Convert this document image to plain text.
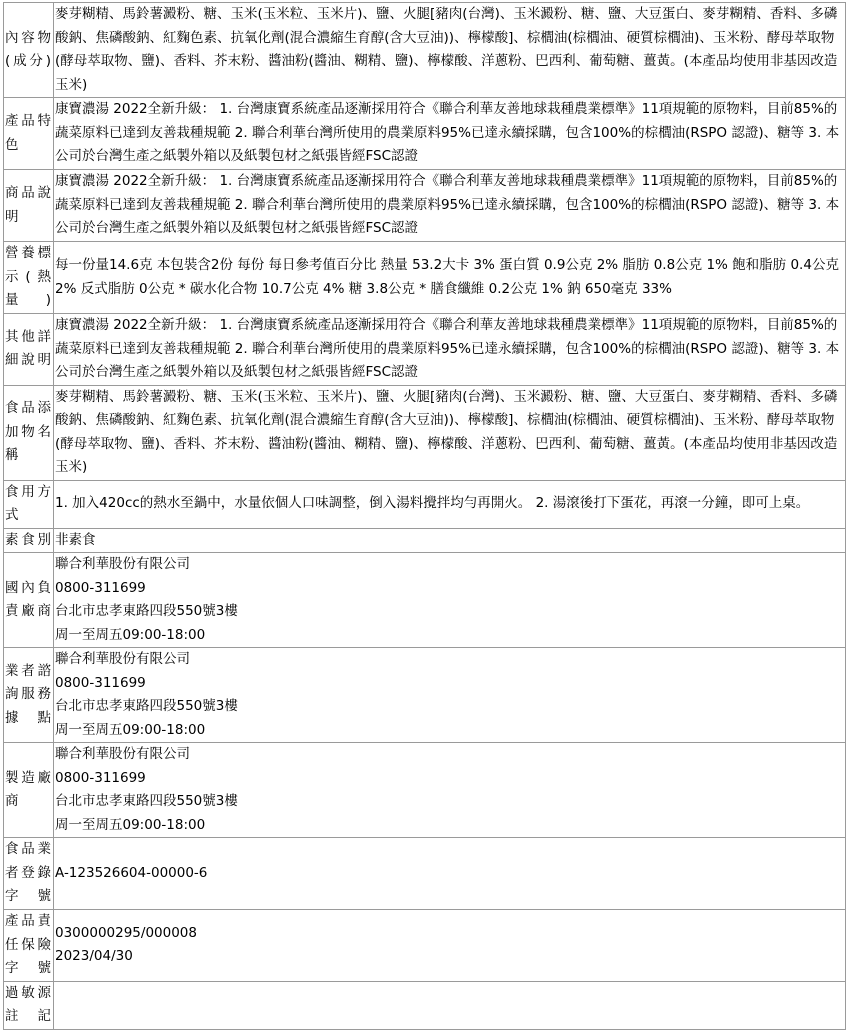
內容物(成分)	麥芽糊精、馬鈴薯澱粉、糖、玉米(玉米粒、玉米片)、鹽、火腿[豬肉(台灣)、玉米澱粉、糖、鹽、大豆蛋白、麥芽糊精、香料、多磷酸鈉、焦磷酸鈉、紅麴色素、抗氧化劑(混合濃縮生育醇(含大豆油))、檸檬酸]、棕櫚油(棕櫚油、硬質棕櫚油)、玉米粉、酵母萃取物(酵母萃取物、鹽)、香料、芥末粉、醬油粉(醬油、糊精、鹽)、檸檬酸、洋蔥粉、巴西利、葡萄糖、薑黃。(本產品均使用非基因改造玉米)
產品特色	康寶濃湯 2022全新升級： 1. 台灣康寶系統產品逐漸採用符合《聯合利華友善地球栽種農業標準》11項規範的原物料，目前85%的蔬菜原料已達到友善栽種規範 2. 聯合利華台灣所使用的農業原料95%已達永續採購，包含100%的棕櫚油(RSPO 認證)、糖等 3. 本公司於台灣生產之紙製外箱以及紙製包材之紙張皆經FSC認證
商品說明	康寶濃湯 2022全新升級： 1. 台灣康寶系統產品逐漸採用符合《聯合利華友善地球栽種農業標準》11項規範的原物料，目前85%的蔬菜原料已達到友善栽種規範 2. 聯合利華台灣所使用的農業原料95%已達永續採購，包含100%的棕櫚油(RSPO 認證)、糖等 3. 本公司於台灣生產之紙製外箱以及紙製包材之紙張皆經FSC認證
營養標示(熱量)	每一份量14.6克 本包裝含2份 每份 每日參考值百分比 熱量 53.2大卡 3% 蛋白質 0.9公克 2% 脂肪 0.8公克 1% 飽和脂肪 0.4公克 2% 反式脂肪 0公克 * 碳水化合物 10.7公克 4% 糖 3.8公克 * 膳食纖維 0.2公克 1% 鈉 650毫克 33%
其他詳細說明	康寶濃湯 2022全新升級： 1. 台灣康寶系統產品逐漸採用符合《聯合利華友善地球栽種農業標準》11項規範的原物料，目前85%的蔬菜原料已達到友善栽種規範 2. 聯合利華台灣所使用的農業原料95%已達永續採購，包含100%的棕櫚油(RSPO 認證)、糖等 3. 本公司於台灣生產之紙製外箱以及紙製包材之紙張皆經FSC認證
食品添加物名稱	麥芽糊精、馬鈴薯澱粉、糖、玉米(玉米粒、玉米片)、鹽、火腿[豬肉(台灣)、玉米澱粉、糖、鹽、大豆蛋白、麥芽糊精、香料、多磷酸鈉、焦磷酸鈉、紅麴色素、抗氧化劑(混合濃縮生育醇(含大豆油))、檸檬酸]、棕櫚油(棕櫚油、硬質棕櫚油)、玉米粉、酵母萃取物(酵母萃取物、鹽)、香料、芥末粉、醬油粉(醬油、糊精、鹽)、檸檬酸、洋蔥粉、巴西利、葡萄糖、薑黃。(本產品均使用非基因改造玉米)
食用方式	1. 加入420cc的熱水至鍋中，水量依個人口味調整，倒入湯料攪拌均勻再開火。 2. 湯滾後打下蛋花，再滾一分鐘，即可上桌。
素食別	非素食
國內負責廠商	聯合利華股份有限公司
0800-311699
台北市忠孝東路四段550號3樓
周一至周五09:00-18:00

業者諮詢服務據點	聯合利華股份有限公司
0800-311699
台北市忠孝東路四段550號3樓
周一至周五09:00-18:00

製造廠商	聯合利華股份有限公司
0800-311699
台北市忠孝東路四段550號3樓
周一至周五09:00-18:00

食品業者登錄字號	A-123526604-00000-6
產品責任保險字號	0300000295/000008
2023/04/30

過敏源註記	
